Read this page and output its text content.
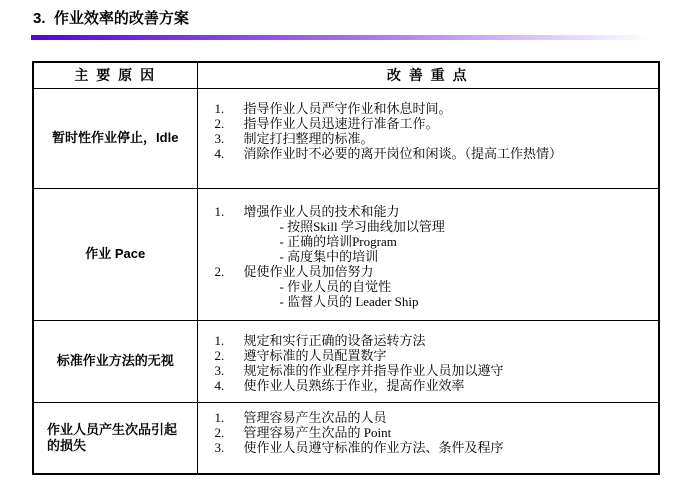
3.  作业效率的改善方案
主 要 原 因	改 善 重 点
暂时性作业停止，Idle	
1.	指导作业人员严守作业和休息时间。
2.	指导作业人员迅速进行准备工作。
3.	制定打扫整理的标准。
4.	消除作业时不必要的离开岗位和闲谈。（提高工作热情）

作业 Pace	
1.	增强作业人员的技术和能力
- 按照Skill 学习曲线加以管理
- 正确的培训Program
- 高度集中的培训
2.	促使作业人员加倍努力
- 作业人员的自觉性
- 监督人员的 Leader Ship

标准作业方法的无视	
1.	规定和实行正确的设备运转方法
2.	遵守标准的人员配置数字
3.	规定标准的作业程序并指导作业人员加以遵守
4.	使作业人员熟练于作业，提高作业效率

作业人员产生次品引起的损失	
1.	管理容易产生次品的人员
2.	管理容易产生次品的 Point
3.	使作业人员遵守标准的作业方法、条件及程序
